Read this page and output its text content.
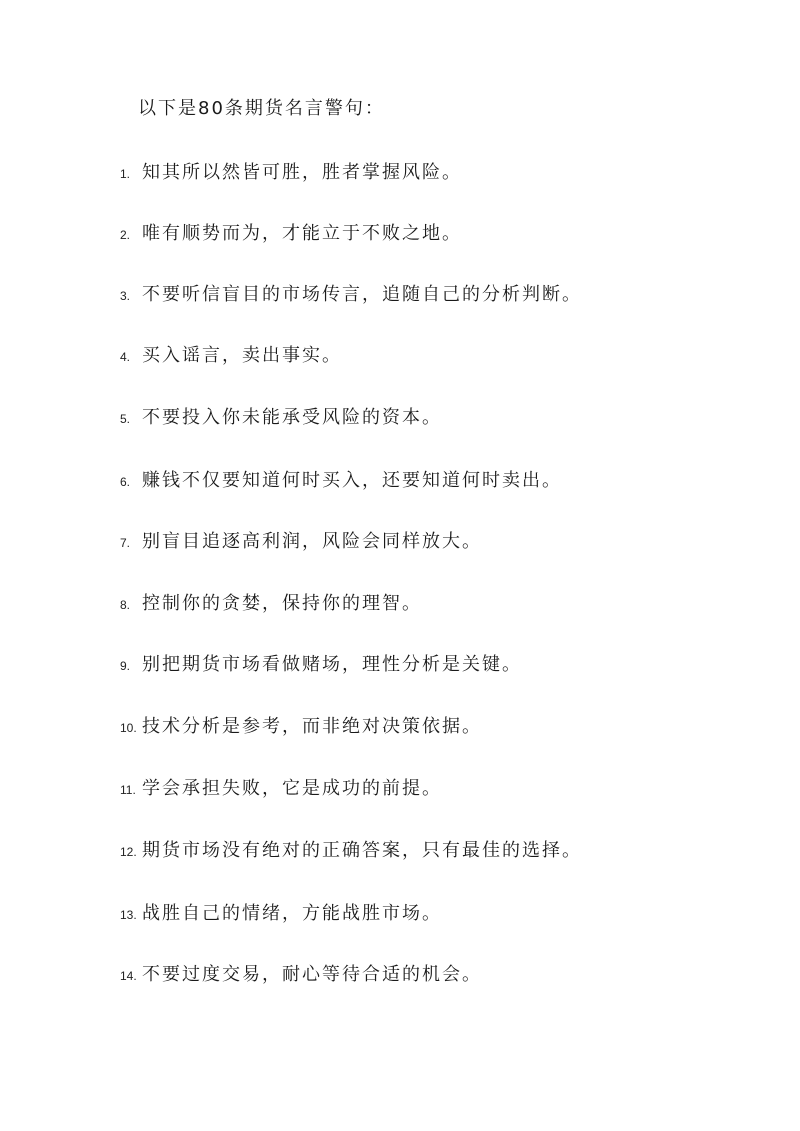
以下是80条期货名言警句：
1. 知其所以然皆可胜，胜者掌握风险。
2. 唯有顺势而为，才能立于不败之地。
3. 不要听信盲目的市场传言，追随自己的分析判断。
4. 买入谣言，卖出事实。
5. 不要投入你未能承受风险的资本。
6. 赚钱不仅要知道何时买入，还要知道何时卖出。
7. 别盲目追逐高利润，风险会同样放大。
8. 控制你的贪婪，保持你的理智。
9. 别把期货市场看做赌场，理性分析是关键。
10. 技术分析是参考，而非绝对决策依据。
11. 学会承担失败，它是成功的前提。
12. 期货市场没有绝对的正确答案，只有最佳的选择。
13. 战胜自己的情绪，方能战胜市场。
14. 不要过度交易，耐心等待合适的机会。
